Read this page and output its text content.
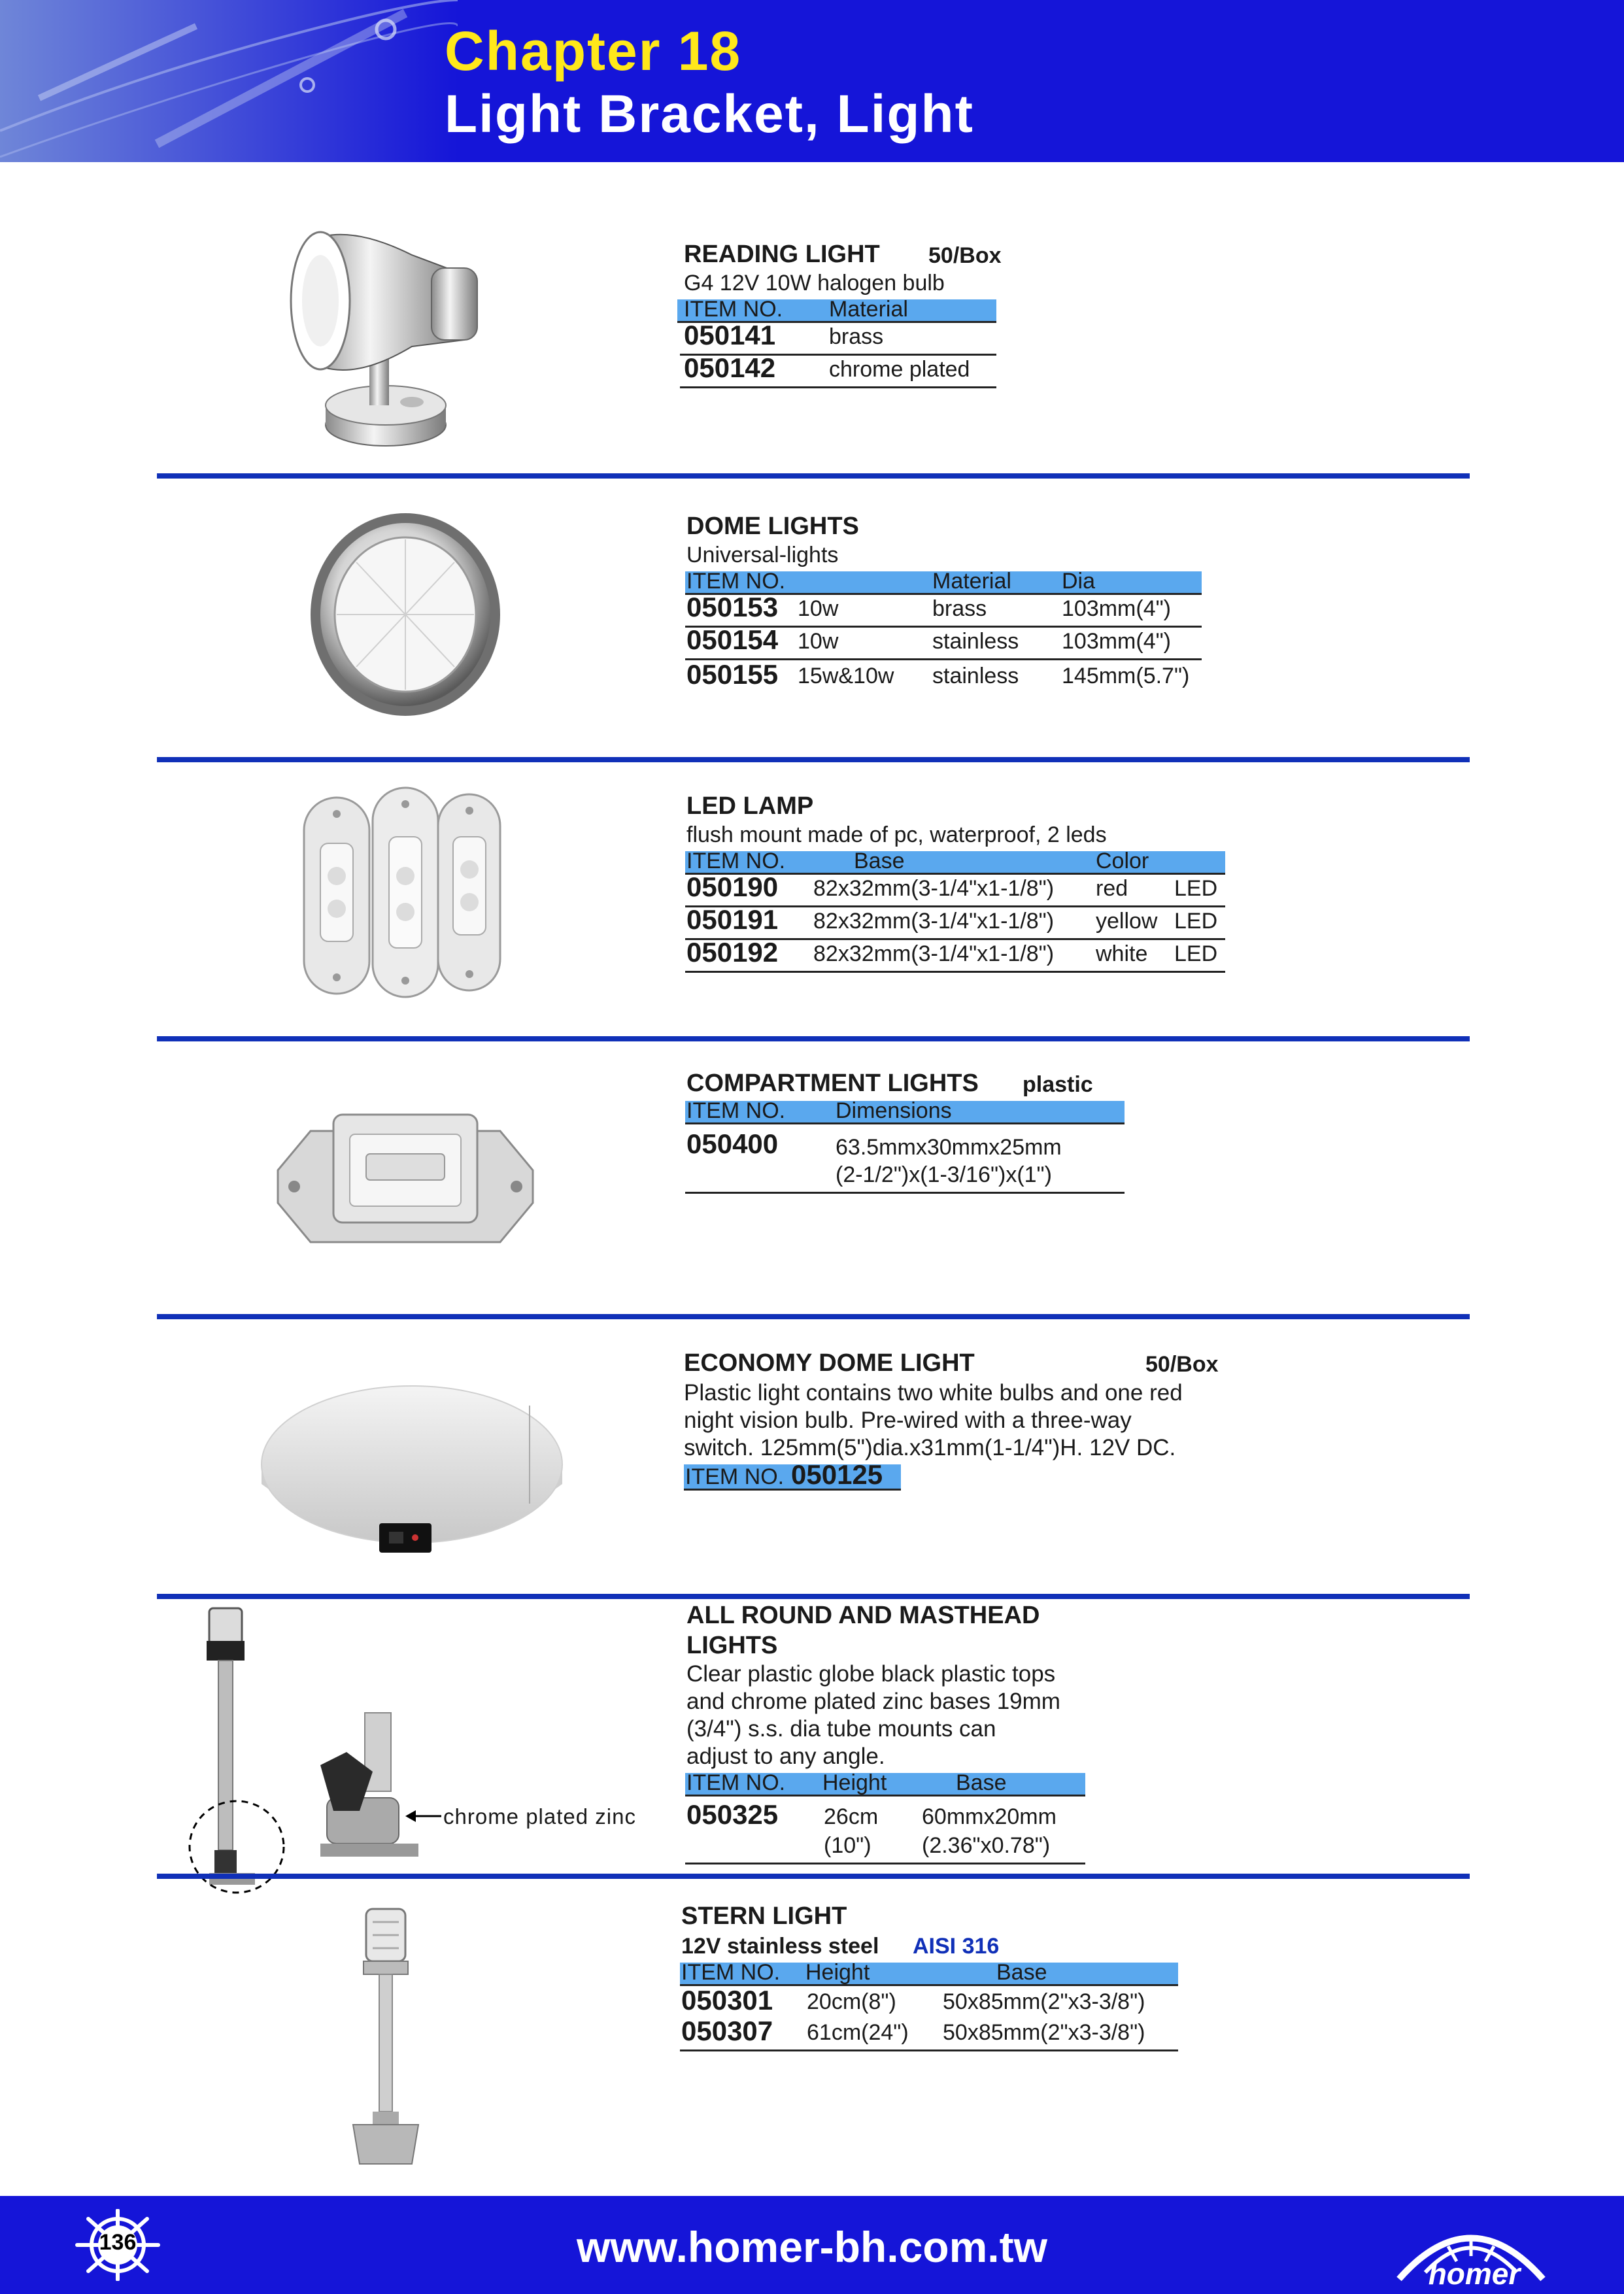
Chapter 18
Light Bracket, Light
READING LIGHT 50/Box
G4 12V 10W halogen bulb
ITEM NO. Material
050141 brass
050142 chrome plated
DOME LIGHTS
Universal-lights
ITEM NO.	Material Dia
050153 10w	brass	103mm(4")
050154 10w	stainless 103mm(4")
050155 15w&10w stainless 145mm(5.7")
LED LAMP
flush mount made of pc, waterproof, 2 leds
ITEM NO.	Base	Color
050190 82x32mm(3-1/4"x1-1/8") red LED
050191 82x32mm(3-1/4"x1-1/8") yellow LED
050192 82x32mm(3-1/4"x1-1/8") white LED
COMPARTMENT LIGHTS plastic
ITEM NO. Dimensions
050400	63.5mmx30mmx25mm
(2-1/2")x(1-3/16")x(1")
ECONOMY DOME LIGHT	50/Box
Plastic light contains two white bulbs and one red
night vision bulb. Pre-wired with a three-way
switch. 125mm(5")dia.x31mm(1-1/4")H. 12V DC.
ITEM NO. 050125
chrome plated zinc
ALL ROUND AND MASTHEAD
LIGHTS
Clear plastic globe black plastic tops
and chrome plated zinc bases 19mm
(3/4") s.s. dia tube mounts can
adjust to any angle.
ITEM NO. Height	Base
050325 26cm 60mmx20mm
(10") (2.36"x0.78")
STERN LIGHT
12V stainless steel AISI 316
ITEM NO. Height	Base
050301 20cm(8") 50x85mm(2"x3-3/8")
050307 61cm(24") 50x85mm(2"x3-3/8")
136	www.homer-bh.com.tw
homer
